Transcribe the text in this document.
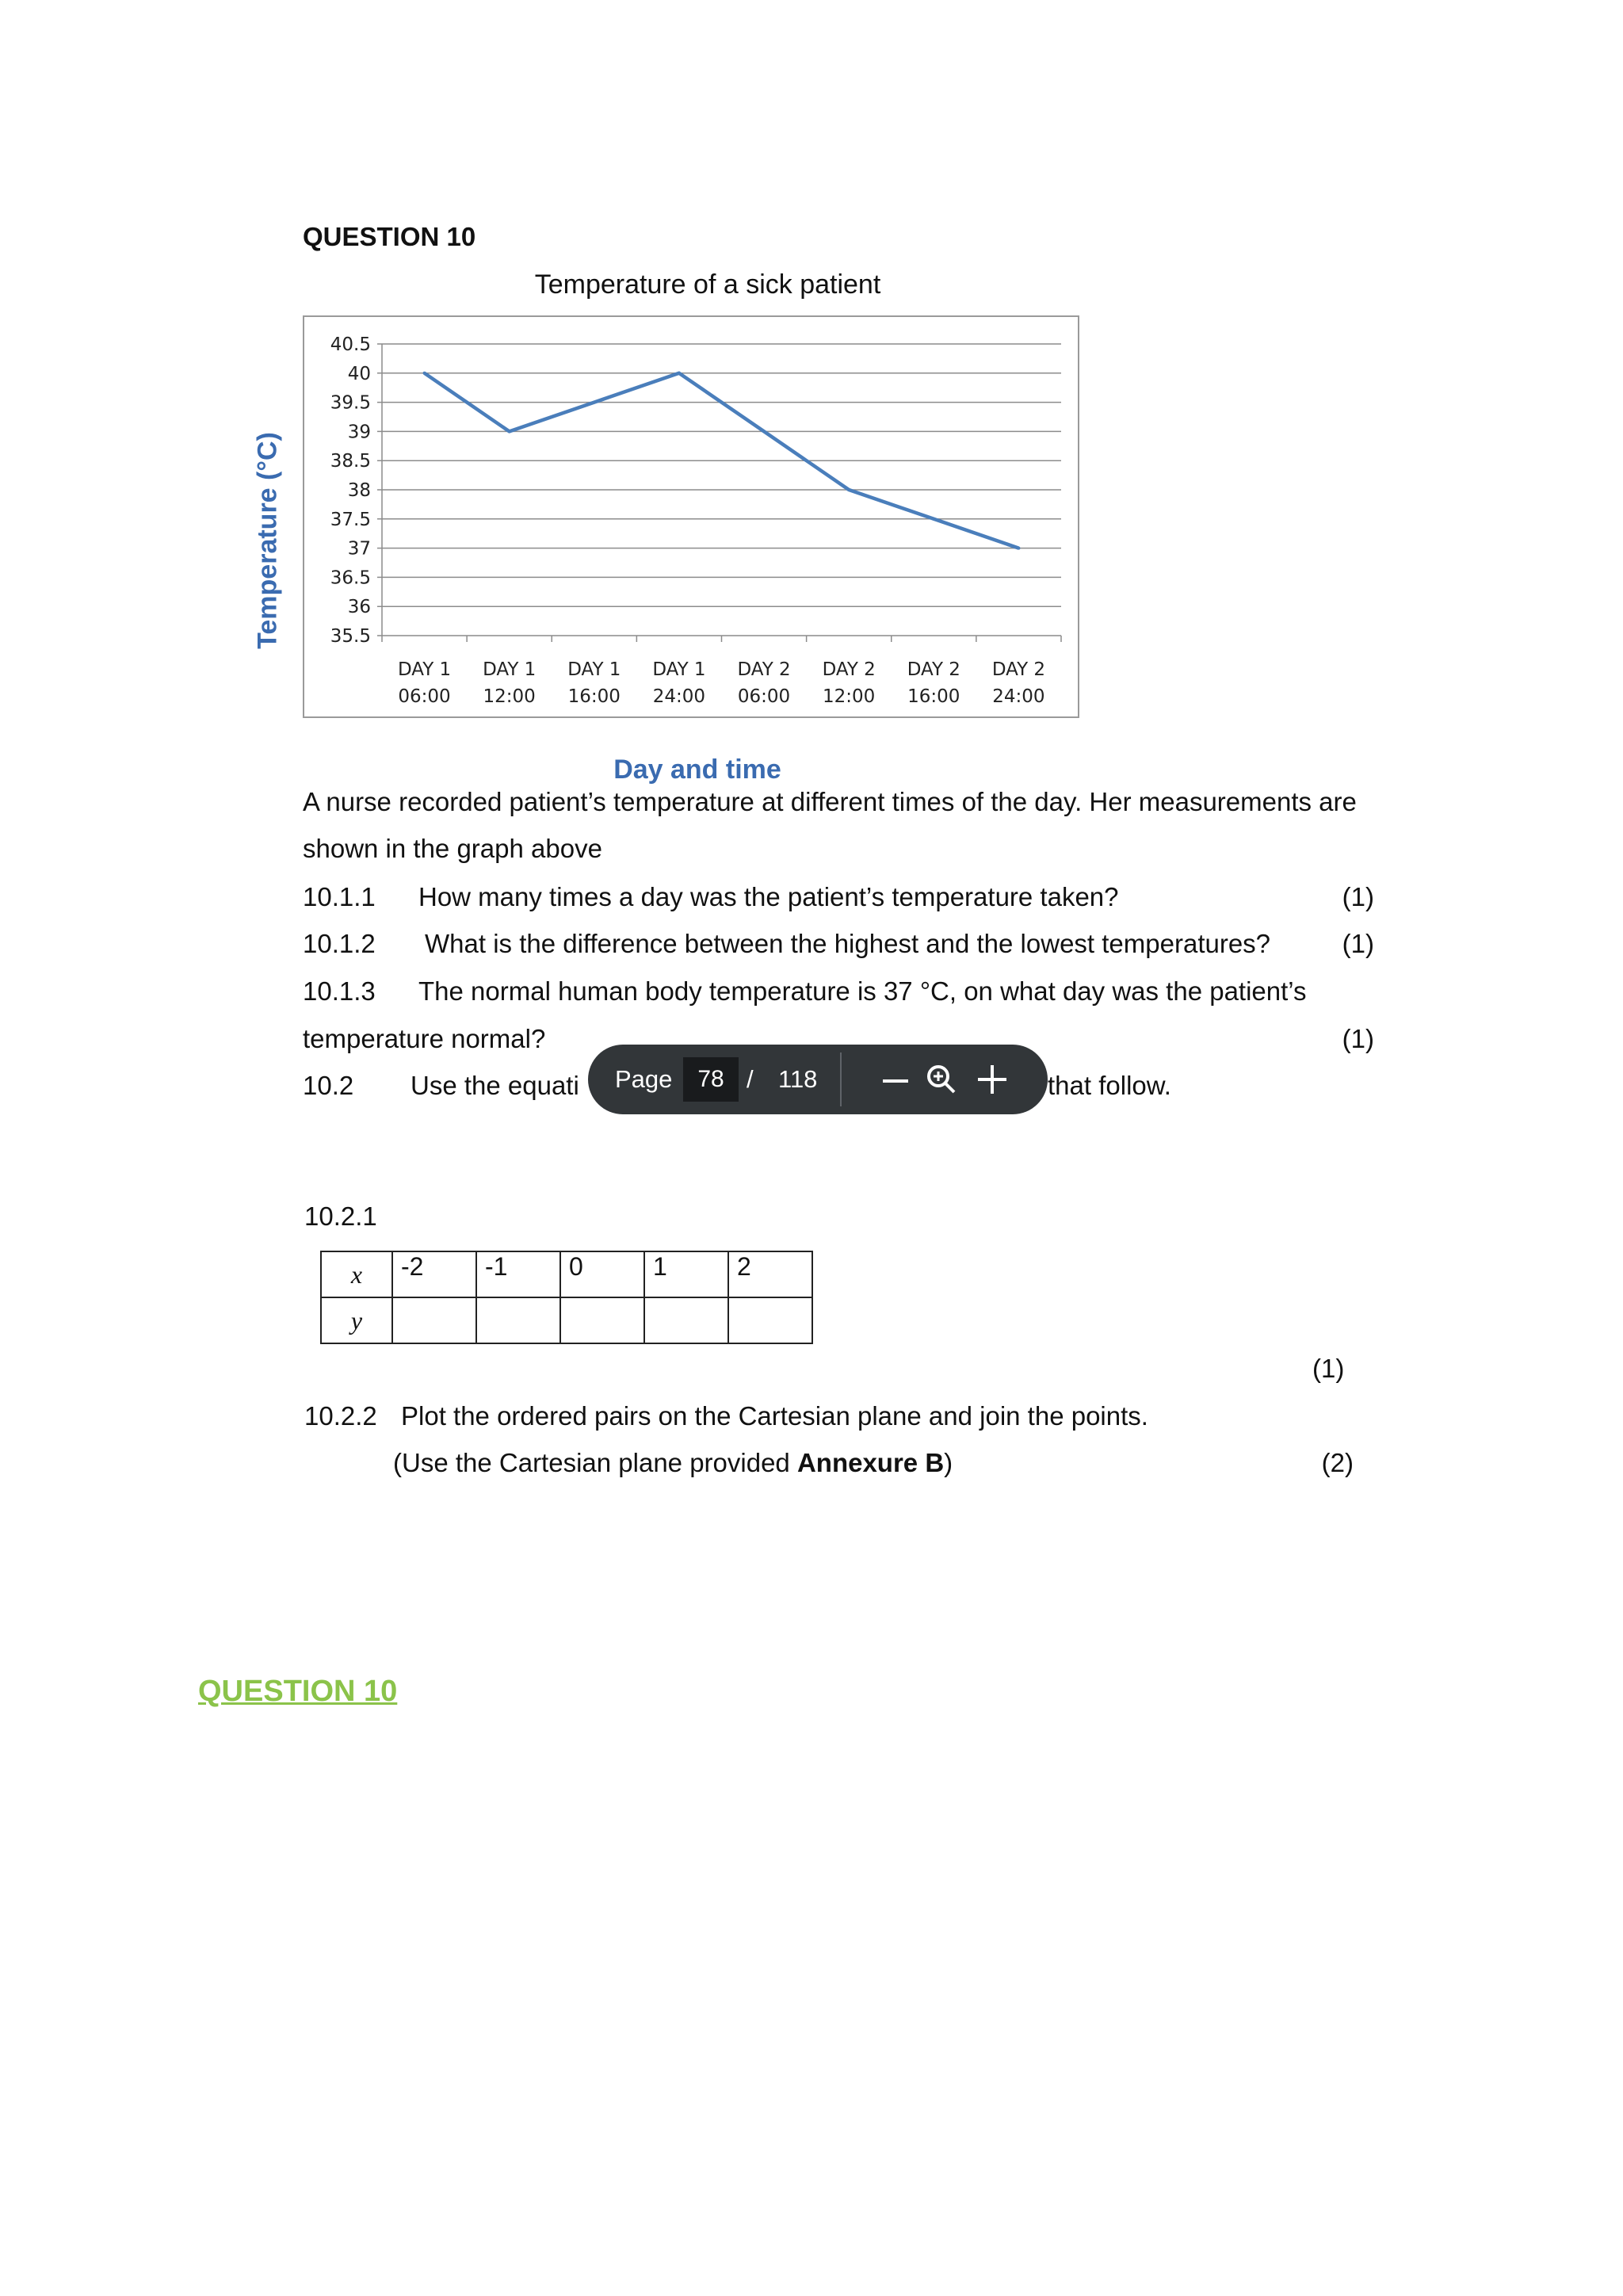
QUESTION 10
Temperature of a sick patient
35.5
36
36.5
37
37.5
38
38.5
39
39.5
40
40.5
DAY 1
06:00
DAY 1
12:00
DAY 1
16:00
DAY 1
24:00
DAY 2
06:00
DAY 2
12:00
DAY 2
16:00
DAY 2
24:00
Temperature (°C)
Day and time
A nurse recorded patient’s temperature at different times of the day. Her measurements are shown in the graph above
10.1.1 How many times a day was the patient’s temperature taken?	(1)
10.1.2 What is the difference between the highest and the lowest temperatures?	(1)
10.1.3 The normal human body temperature is 37 °C, on what day was the patient’s
temperature normal?	(1)
10.2 Use the equati	that follow.
Page	78 / 118
10.2.1
x	-2	-1	0	1	2
y					
(1)
10.2.2 Plot the ordered pairs on the Cartesian plane and join the points.
(Use the Cartesian plane provided Annexure B)	(2)
QUESTION 10
